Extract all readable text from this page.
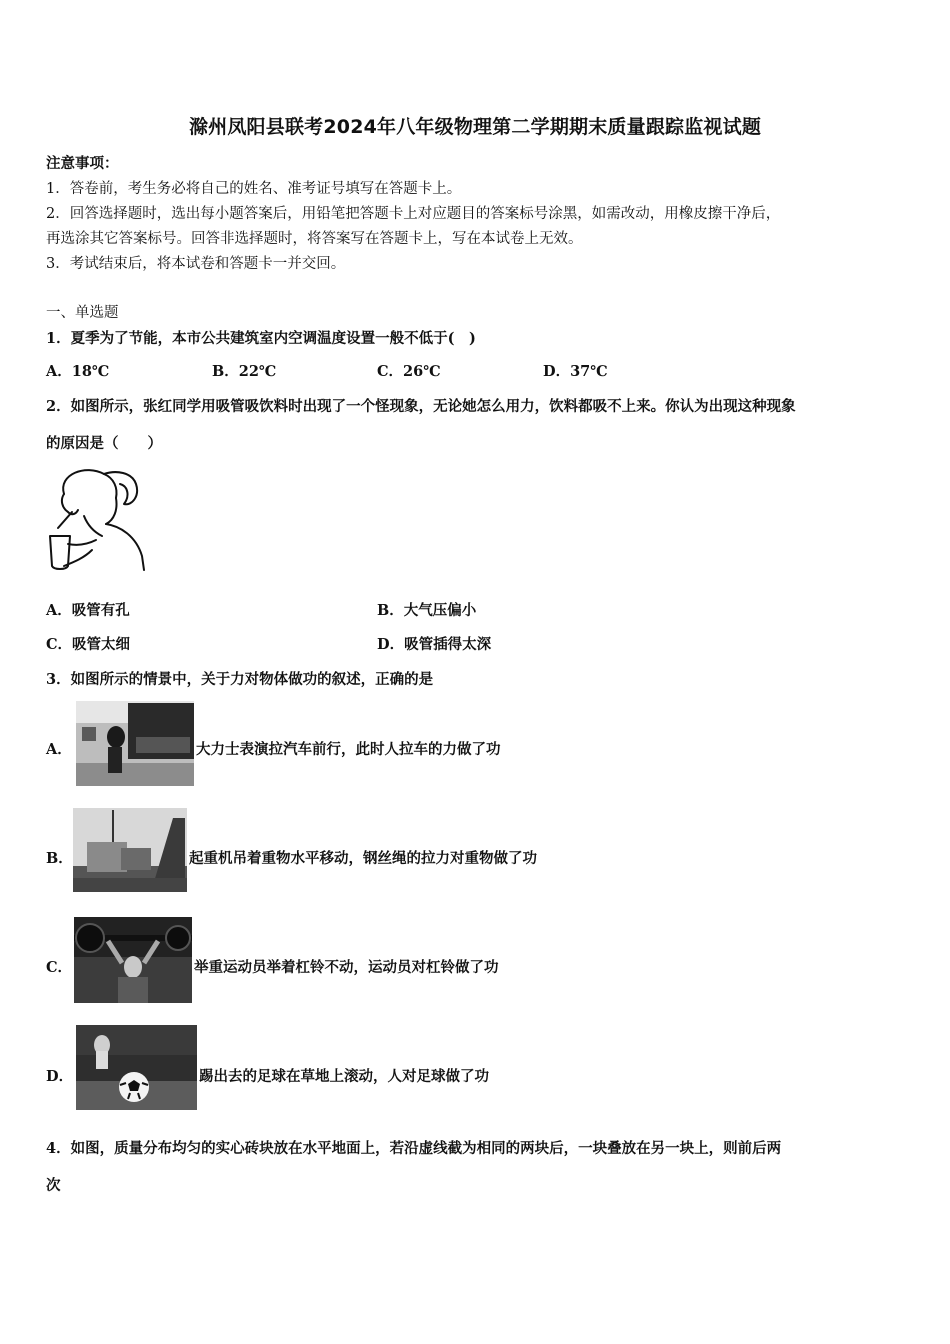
滁州凤阳县联考2024年八年级物理第二学期期末质量跟踪监视试题
注意事项：
1．答卷前，考生务必将自己的姓名、准考证号填写在答题卡上。
2．回答选择题时，选出每小题答案后，用铅笔把答题卡上对应题目的答案标号涂黑，如需改动，用橡皮擦干净后，
再选涂其它答案标号。回答非选择题时，将答案写在答题卡上，写在本试卷上无效。
3．考试结束后，将本试卷和答题卡一并交回。
一、单选题
1．夏季为了节能，本市公共建筑室内空调温度设置一般不低于(　)
A．18℃	B．22℃	C．26℃	D．37℃
2．如图所示，张红同学用吸管吸饮料时出现了一个怪现象，无论她怎么用力，饮料都吸不上来。你认为出现这种现象
的原因是（　　）
A．吸管有孔	B．大气压偏小
C．吸管太细	D．吸管插得太深
3．如图所示的情景中，关于力对物体做功的叙述，正确的是
A．	大力士表演拉汽车前行，此时人拉车的力做了功
B．	起重机吊着重物水平移动，钢丝绳的拉力对重物做了功
C．	举重运动员举着杠铃不动，运动员对杠铃做了功
D．	踢出去的足球在草地上滚动，人对足球做了功
4．如图，质量分布均匀的实心砖块放在水平地面上，若沿虚线截为相同的两块后，一块叠放在另一块上，则前后两
次
